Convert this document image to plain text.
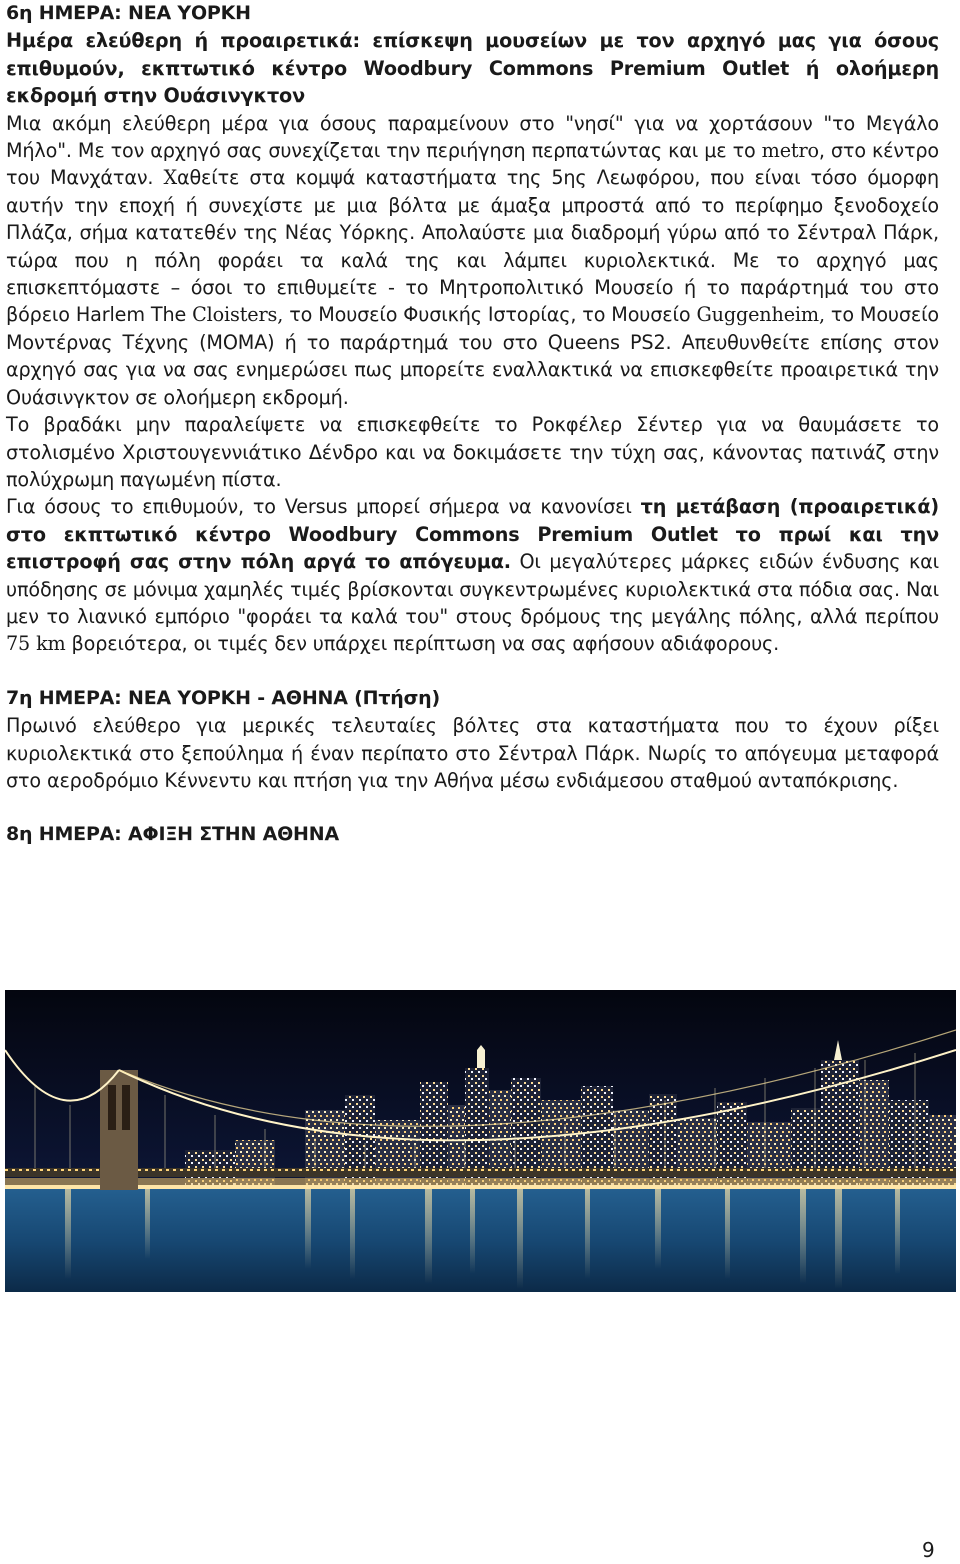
6η ΗΜΕΡΑ: ΝΕΑ ΥΟΡΚΗ

Ημέρα ελεύθερη ή προαιρετικά: επίσκεψη μουσείων με τον αρχηγό μας για όσους επιθυμούν, εκπτωτικό κέντρο Woodbury Commons Premium Outlet ή ολοήμερη εκδρομή στην Ουάσινγκτον

Μια ακόμη ελεύθερη μέρα για όσους παραμείνουν στο "νησί" για να χορτάσουν "το Μεγάλο Μήλο". Με τον αρχηγό σας συνεχίζεται την περιήγηση περπατώντας και με το metro, στο κέντρο του Μανχάταν. Χαθείτε στα κομψά καταστήματα της 5ης Λεωφόρου, που είναι τόσο όμορφη αυτήν την εποχή ή συνεχίστε με μια βόλτα με άμαξα μπροστά από το περίφημο ξενοδοχείο Πλάζα, σήμα κατατεθέν της Νέας Υόρκης. Απολαύστε μια διαδρομή γύρω από το Σέντραλ Πάρκ, τώρα που η πόλη φοράει τα καλά της και λάμπει κυριολεκτικά. Με το αρχηγό μας επισκεπτόμαστε – όσοι το επιθυμείτε - το Μητροπολιτικό Μουσείο ή το παράρτημά του στο βόρειο Harlem The Cloisters, το Μουσείο Φυσικής Ιστορίας, το Μουσείο Guggenheim, το Μουσείο Μοντέρνας Τέχνης (ΜΟΜΑ) ή το παράρτημά του στο Queens PS2. Απευθυνθείτε επίσης στον αρχηγό σας για να σας ενημερώσει πως μπορείτε εναλλακτικά να επισκεφθείτε προαιρετικά την Ουάσινγκτον σε ολοήμερη εκδρομή.

Το βραδάκι μην παραλείψετε να επισκεφθείτε το Ροκφέλερ Σέντερ για να θαυμάσετε το στολισμένο Χριστουγεννιάτικο Δένδρο και να δοκιμάσετε την τύχη σας, κάνοντας πατινάζ στην πολύχρωμη παγωμένη πίστα.

Για όσους το επιθυμούν, το Versus μπορεί σήμερα να κανονίσει τη μετάβαση (προαιρετικά) στο εκπτωτικό κέντρο Woodbury Commons Premium Outlet το πρωί και την επιστροφή σας στην πόλη αργά το απόγευμα. Οι μεγαλύτερες μάρκες ειδών ένδυσης και υπόδησης σε μόνιμα χαμηλές τιμές βρίσκονται συγκεντρωμένες κυριολεκτικά στα πόδια σας. Ναι μεν το λιανικό εμπόριο "φοράει τα καλά του" στους δρόμους της μεγάλης πόλης, αλλά περίπου 75 km βορειότερα, οι τιμές δεν υπάρχει περίπτωση να σας αφήσουν αδιάφορους.

7η ΗΜΕΡΑ: ΝΕΑ ΥΟΡΚΗ - ΑΘΗΝΑ (Πτήση)

Πρωινό ελεύθερο για μερικές τελευταίες βόλτες στα καταστήματα που το έχουν ρίξει κυριολεκτικά στο ξεπούλημα ή έναν περίπατο στο Σέντραλ Πάρκ. Νωρίς το απόγευμα μεταφορά στο αεροδρόμιο Κέννεντυ και πτήση για την Αθήνα μέσω ενδιάμεσου σταθμού ανταπόκρισης.

8η ΗΜΕΡΑ: ΑΦΙΞΗ ΣΤΗΝ ΑΘΗΝΑ
9
